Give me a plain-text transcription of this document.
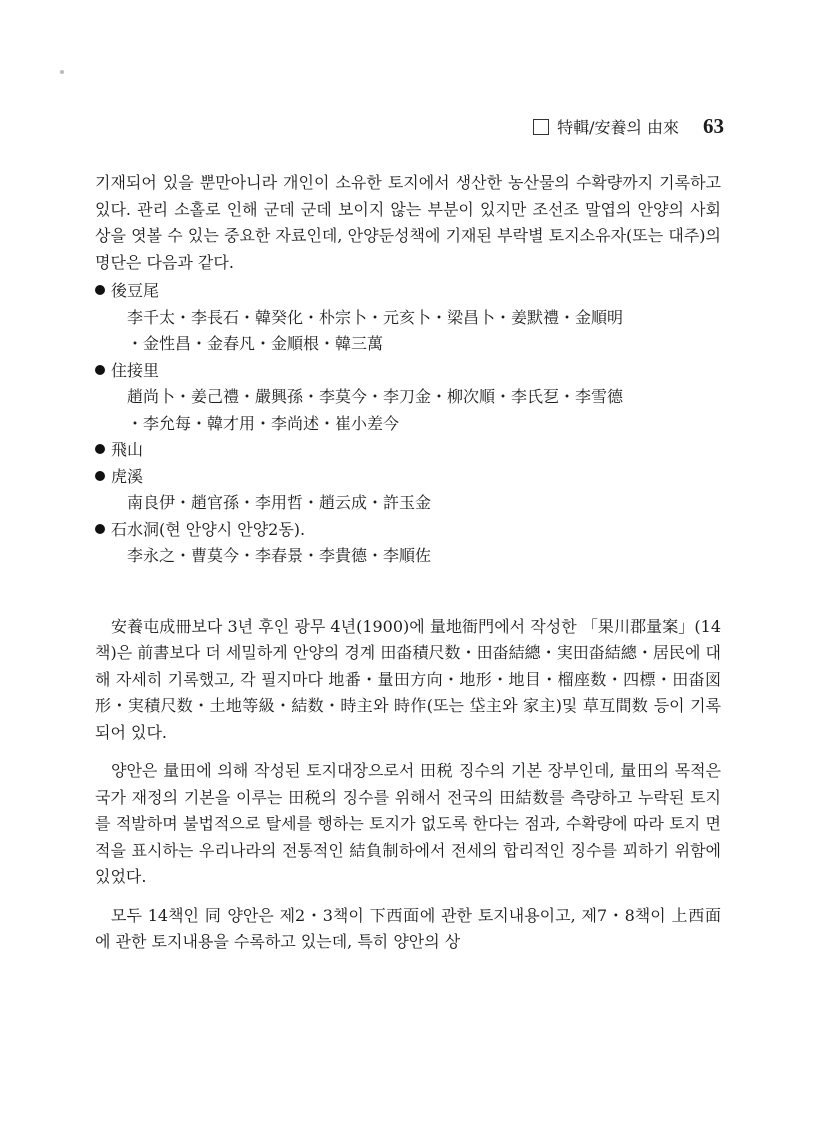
特輯/安養의 由來 63

기재되어 있을 뿐만아니라 개인이 소유한 토지에서 생산한 농산물의 수확량까지 기록하고 있다. 관리 소홀로 인해 군데 군데 보이지 않는 부분이 있지만 조선조 말엽의 안양의 사회상을 엿볼 수 있는 중요한 자료인데, 안양둔성책에 기재된 부락별 토지소유자(또는 대주)의 명단은 다음과 같다.

後豆尾
李千太・李長石・韓癸化・朴宗卜・元亥卜・梁昌卜・姜默禮・金順明
・金性昌・金春凡・金順根・韓三萬
住接里
趙尚卜・姜己禮・嚴興孫・李莫今・李刀金・柳次順・李氏乭・李雪德
・李允每・韓才用・李尚述・崔小差今
飛山
虎溪
南良伊・趙官孫・李用哲・趙云成・許玉金
石水洞(현 안양시 안양2동).
李永之・曹莫今・李春景・李貴德・李順佐

安養屯成冊보다 3년 후인 광무 4년(1900)에 量地衙門에서 작성한 「果川郡量案」(14책)은 前書보다 더 세밀하게 안양의 경계 田畓積尺数・田畓結總・実田畓結總・居民에 대해 자세히 기록했고, 각 필지마다 地番・量田方向・地形・地目・榴座数・四標・田畓図形・実積尺数・土地等級・結数・時主와 時作(또는 垈主와 家主)및 草互間数 등이 기록되어 있다.

양안은 量田에 의해 작성된 토지대장으로서 田税 징수의 기본 장부인데, 量田의 목적은 국가 재정의 기본을 이루는 田税의 징수를 위해서 전국의 田結数를 측량하고 누락된 토지를 적발하며 불법적으로 탈세를 행하는 토지가 없도록 한다는 점과, 수확량에 따라 토지 면적을 표시하는 우리나라의 전통적인 結負制하에서 전세의 합리적인 징수를 꾀하기 위함에 있었다.

모두 14책인 同 양안은 제2・3책이 下西面에 관한 토지내용이고, 제7・8책이 上西面에 관한 토지내용을 수록하고 있는데, 특히 양안의 상
